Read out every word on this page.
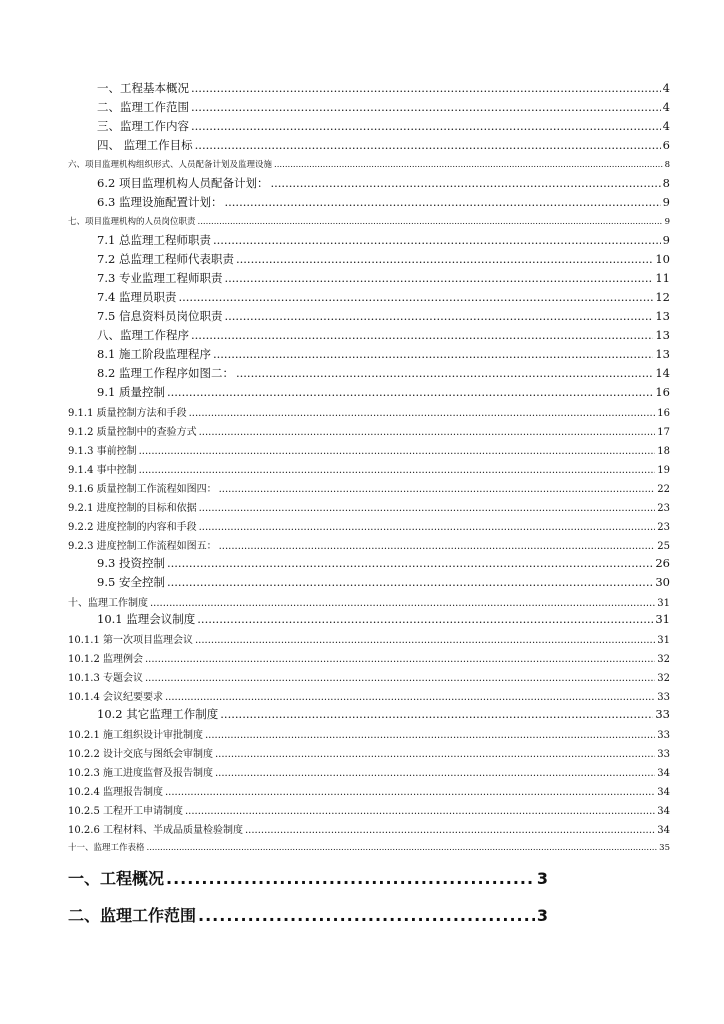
一、工程基本概况 .....	4
二、监理工作范围 .....	4
三、监理工作内容 .....	4
四、 监理工作目标 .....	6
六、项目监理机构组织形式、人员配备计划及监理设施 .....	8
6.2 项目监理机构人员配备计划： .....	8
6.3 监理设施配置计划： .....	9
七、项目监理机构的人员岗位职责 .....	9
7.1 总监理工程师职责 .....	9
7.2 总监理工程师代表职责 .....	10
7.3 专业监理工程师职责 .....	11
7.4 监理员职责 .....	12
7.5 信息资料员岗位职责 .....	13
八、监理工作程序 .....	13
8.1 施工阶段监理程序 .....	13
8.2 监理工作程序如图二： .....	14
9.1 质量控制 .....	16
9.1.1 质量控制方法和手段 .....	16
9.1.2 质量控制中的查验方式 .....	17
9.1.3 事前控制 .....	18
9.1.4 事中控制 .....	19
9.1.6 质量控制工作流程如图四： .....	22
9.2.1 进度控制的目标和依据 .....	23
9.2.2 进度控制的内容和手段 .....	23
9.2.3 进度控制工作流程如图五： .....	25
9.3 投资控制 .....	26
9.5 安全控制 .....	30
十、监理工作制度 .....	31
10.1 监理会议制度 .....	31
10.1.1 第一次项目监理会议 .....	31
10.1.2 监理例会 .....	32
10.1.3 专题会议 .....	32
10.1.4 会议纪要要求 .....	33
10.2 其它监理工作制度 .....	33
10.2.1 施工组织设计审批制度 .....	33
10.2.2 设计交底与图纸会审制度 .....	33
10.2.3 施工进度监督及报告制度 .....	34
10.2.4 监理报告制度 .....	34
10.2.5 工程开工申请制度 .....	34
10.2.6 工程材料、半成品质量检验制度 .....	34
十一、监理工作表格 .....	35
一、工程概况 .....	3
二、监理工作范围 .....	3
